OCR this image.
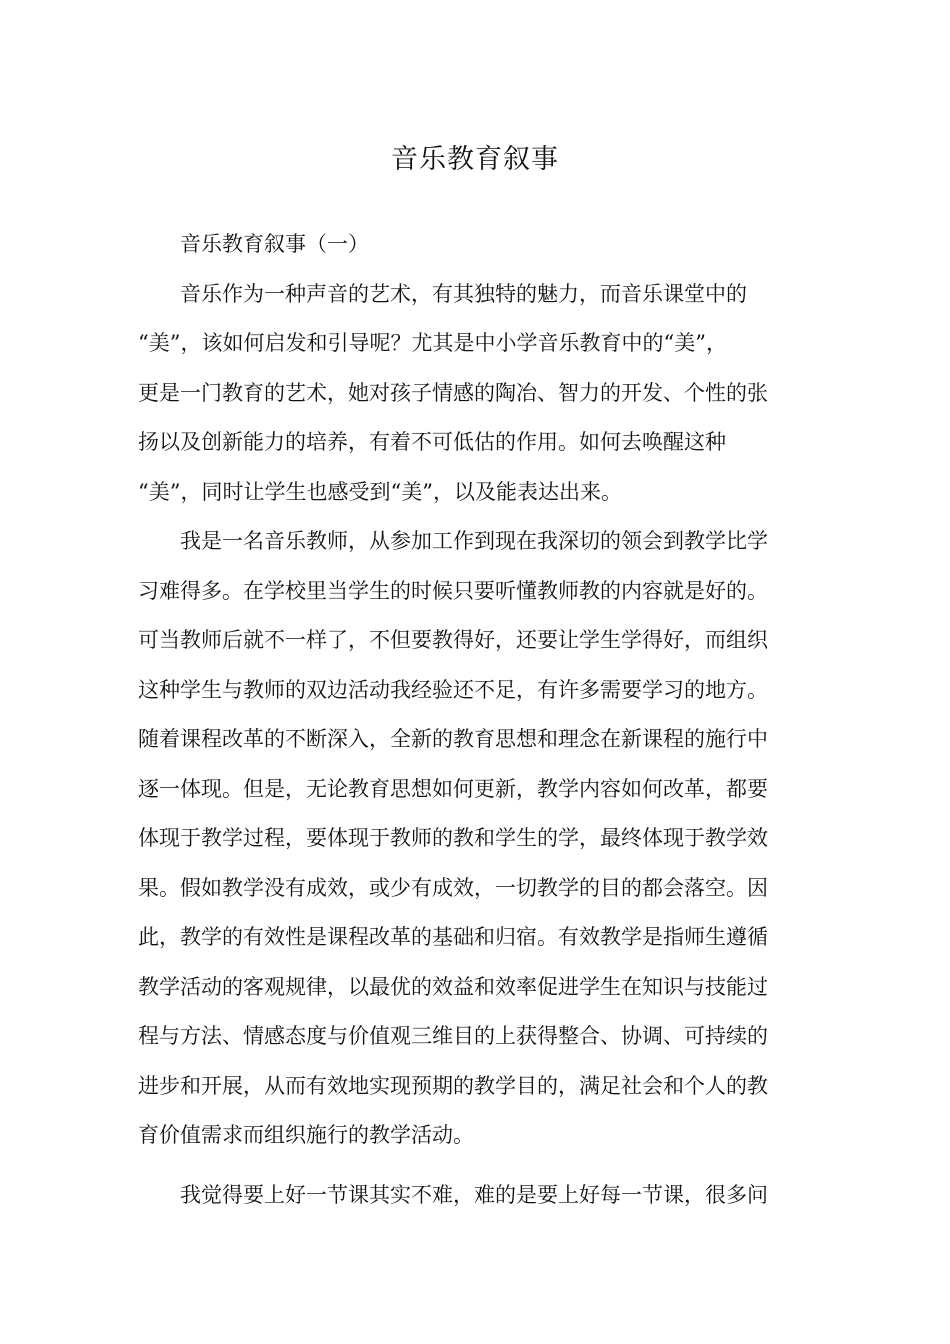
音乐教育叙事
音乐教育叙事（一）
音乐作为一种声音的艺术，有其独特的魅力，而音乐课堂中的
“美”，该如何启发和引导呢？尤其是中小学音乐教育中的“美”，
更是一门教育的艺术，她对孩子情感的陶冶、智力的开发、个性的张
扬以及创新能力的培养，有着不可低估的作用。如何去唤醒这种
“美”，同时让学生也感受到“美”，以及能表达出来。
我是一名音乐教师，从参加工作到现在我深切的领会到教学比学
习难得多。在学校里当学生的时候只要听懂教师教的内容就是好的。
可当教师后就不一样了，不但要教得好，还要让学生学得好，而组织
这种学生与教师的双边活动我经验还不足，有许多需要学习的地方。
随着课程改革的不断深入，全新的教育思想和理念在新课程的施行中
逐一体现。但是，无论教育思想如何更新，教学内容如何改革，都要
体现于教学过程，要体现于教师的教和学生的学，最终体现于教学效
果。假如教学没有成效，或少有成效，一切教学的目的都会落空。因
此，教学的有效性是课程改革的基础和归宿。有效教学是指师生遵循
教学活动的客观规律，以最优的效益和效率促进学生在知识与技能过
程与方法、情感态度与价值观三维目的上获得整合、协调、可持续的
进步和开展，从而有效地实现预期的教学目的，满足社会和个人的教
育价值需求而组织施行的教学活动。
我觉得要上好一节课其实不难，难的是要上好每一节课，很多问
